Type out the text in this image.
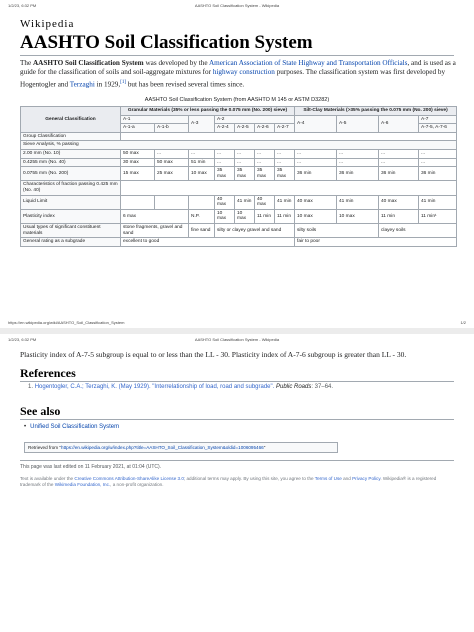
1/2/23, 6:32 PM	AASHTO Soil Classification System - Wikipedia
Wikipedia
AASHTO Soil Classification System
The AASHTO Soil Classification System was developed by the American Association of State Highway and Transportation Officials, and is used as a guide for the classification of soils and soil-aggregate mixtures for highway construction purposes. The classification system was first developed by Hogentogler and Terzaghi in 1929,[1] but has been revised several times since.
AASHTO Soil Classification System (from AASHTO M 145 or ASTM D3282)
General Classification	Granular Materials (35% or less passing the 0.075 mm (No. 200) sieve)							Silt-Clay Materials (>35% passing the 0.075 mm (No. 200) sieve)			
	A-1		A-3	A-2				A-4	A-5	A-6	A-7
	A-1-a	A-1-b		A-2-4	A-2-5	A-2-6	A-2-7				A-7-5, A-7-6
Group Classification											
Sieve Analysis, % passing											
2.00 mm (No. 10)	50 max	...	...	...	...	...	...	...	...	...	...
0.4255 mm (No. 40)	30 max	50 max	51 min	...	...	...	...	...	...	...	...
0.0755 mm (No. 200)	15 max	25 max	10 max	35 max	35 max	35 max	35 max	36 min	36 min	36 min	36 min
Characteristics of fraction passing 0.425 mm (No. 40)											
Liquid Limit				40 max	41 min	40 max	41 min	40 max	41 min	40 max	41 min
Plasticity index	6 max		N.P.	10 max	10 max	11 min	11 min	10 max	10 max	11 min	11 min¹
Usual types of significant constituent materials	stone fragments, gravel and sand		fine sand	silty or clayey gravel and sand				silty soils		clayey soils	
General rating as a subgrade	excellent to good							fair to poor			
https://en.wikipedia.org/wiki/AASHTO_Soil_Classification_System	1/2
1/2/23, 6:32 PM	AASHTO Soil Classification System - Wikipedia
Plasticity index of A-7-5 subgroup is equal to or less than the LL - 30. Plasticity index of A-7-6 subgroup is greater than LL - 30.
References
1. Hogentogler, C.A.; Terzaghi, K. (May 1929). "Interrelationship of load, road and subgrade". Public Roads: 37–64.
See also
• Unified Soil Classification System
Retrieved from "https://en.wikipedia.org/w/index.php?title=AASHTO_Soil_Classification_System&oldid=1006095466"
This page was last edited on 11 February 2021, at 01:04 (UTC).
Text is available under the Creative Commons Attribution-ShareAlike License 3.0; additional terms may apply. By using this site, you agree to the Terms of Use and Privacy Policy. Wikipedia® is a registered trademark of the Wikimedia Foundation, Inc., a non-profit organization.
